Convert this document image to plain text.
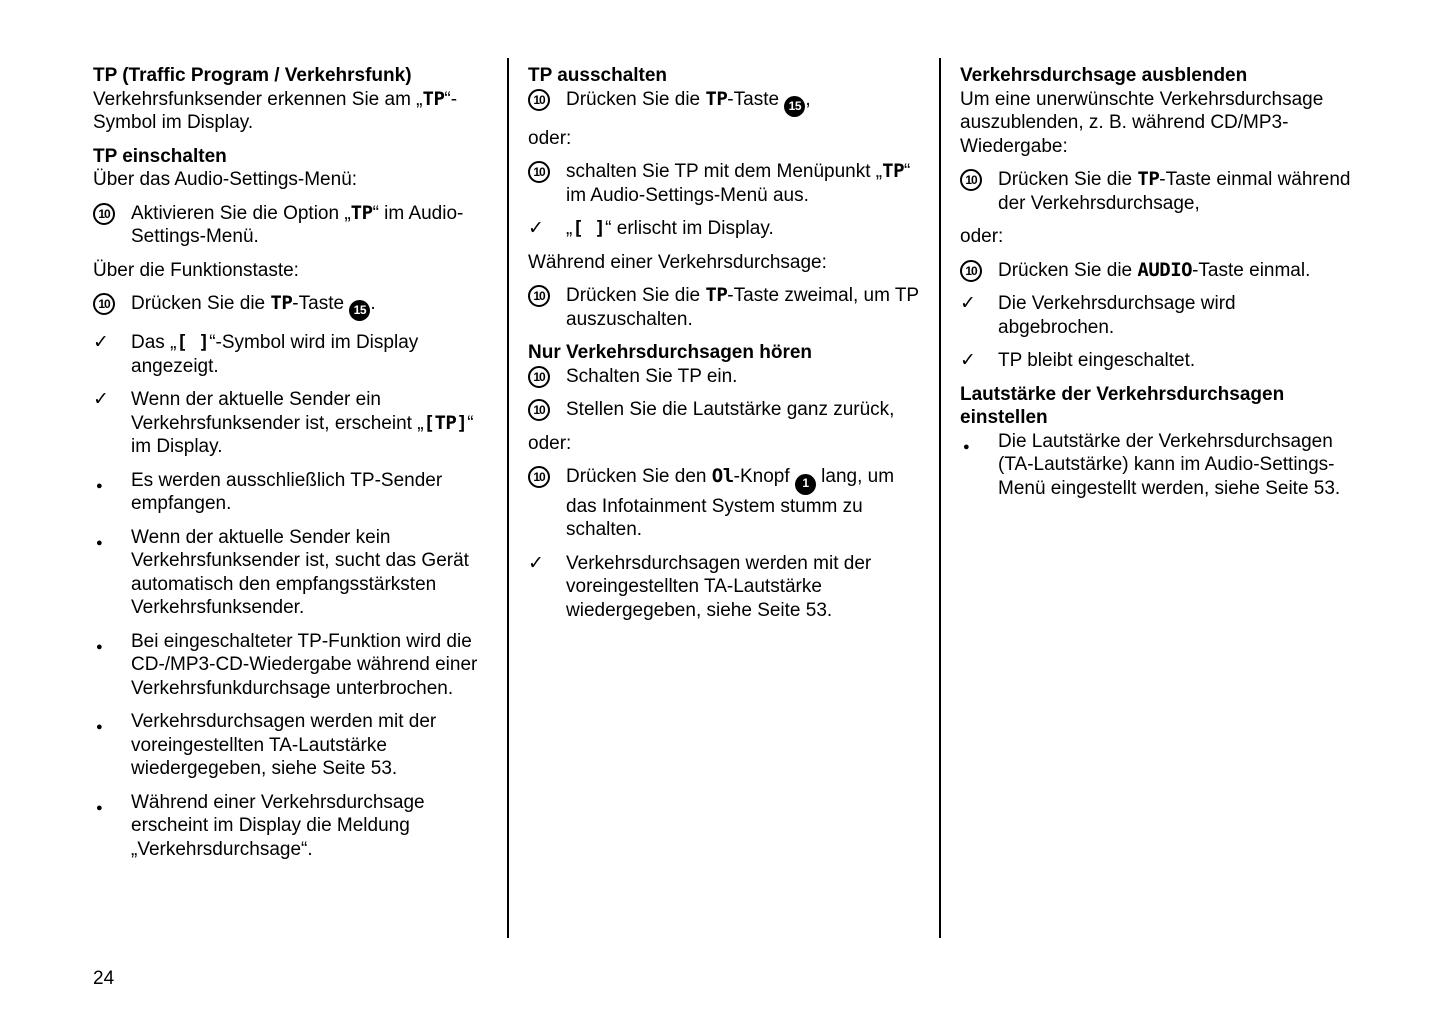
TP (Traffic Program / Verkehrsfunk)

Verkehrsfunksender erkennen Sie am „TP“-Symbol im Display.

TP einschalten

Über das Audio-Settings-Menü:

10 Aktivieren Sie die Option „TP“ im Audio-Settings-Menü.

Über die Funktionstaste:

10 Drücken Sie die TP-Taste 15 .
✓	Das „[ ]“-Symbol wird im Display angezeigt.
✓	Wenn der aktuelle Sender ein Verkehrsfunksender ist, erscheint „[TP]“ im Display.
●	Es werden ausschließlich TP-Sender empfangen.
●	Wenn der aktuelle Sender kein Verkehrsfunksender ist, sucht das Gerät automatisch den empfangsstärksten Verkehrsfunksender.
●	Bei eingeschalteter TP-Funktion wird die CD-/MP3-CD-Wiedergabe während einer Verkehrsfunkdurchsage unterbrochen.
●	Verkehrsdurchsagen werden mit der voreingestellten TA-Lautstärke wiedergegeben, siehe Seite 53.
●	Während einer Verkehrsdurchsage erscheint im Display die Meldung „Verkehrsdurchsage“.
TP ausschalten
10 Drücken Sie die TP-Taste 15 ,

oder:

10 schalten Sie TP mit dem Menüpunkt „TP“ im Audio-Settings-Menü aus.
✓	„[ ]“ erlischt im Display.

Während einer Verkehrsdurchsage:

10 Drücken Sie die TP-Taste zweimal, um TP auszuschalten.
Nur Verkehrsdurchsagen hören
10 Schalten Sie TP ein.
10 Stellen Sie die Lautstärke ganz zurück,

oder:

10 Drücken Sie den Ol-Knopf 1 lang, um das Infotainment System stumm zu schalten.
✓	Verkehrsdurchsagen werden mit der voreingestellten TA-Lautstärke wiedergegeben, siehe Seite 53.
Verkehrsdurchsage ausblenden

Um eine unerwünschte Verkehrsdurchsage auszublenden, z. B. während CD/MP3-Wiedergabe:

10 Drücken Sie die TP-Taste einmal während der Verkehrsdurchsage,

oder:

10 Drücken Sie die AUDIO-Taste einmal.
✓	Die Verkehrsdurchsage wird abgebrochen.
✓	TP bleibt eingeschaltet.
Lautstärke der Verkehrsdurchsagen einstellen
●	Die Lautstärke der Verkehrsdurchsagen (TA-Lautstärke) kann im Audio-Settings-Menü eingestellt werden, siehe Seite 53.
24
